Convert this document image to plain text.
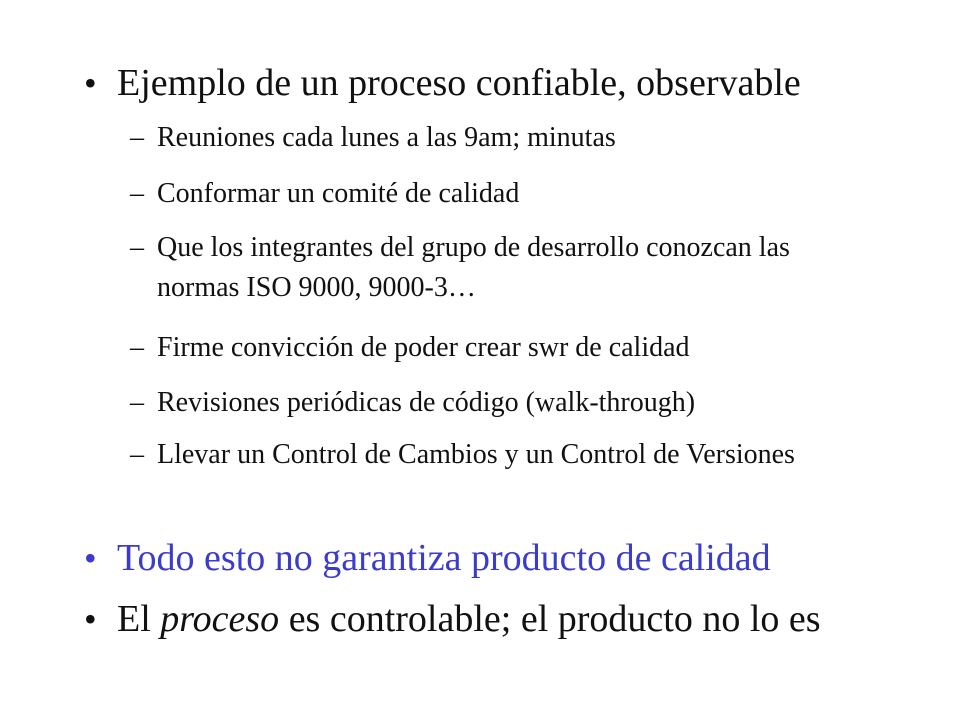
• Ejemplo de un proceso confiable, observable
– Reuniones cada lunes a las 9am; minutas
– Conformar un comité de calidad
– Que los integrantes del grupo de desarrollo conozcan las normas ISO 9000, 9000-3…
– Firme convicción de poder crear swr de calidad
– Revisiones periódicas de código (walk-through)
– Llevar un Control de Cambios y un Control de Versiones
• Todo esto no garantiza producto de calidad
• El proceso es controlable; el producto no lo es
